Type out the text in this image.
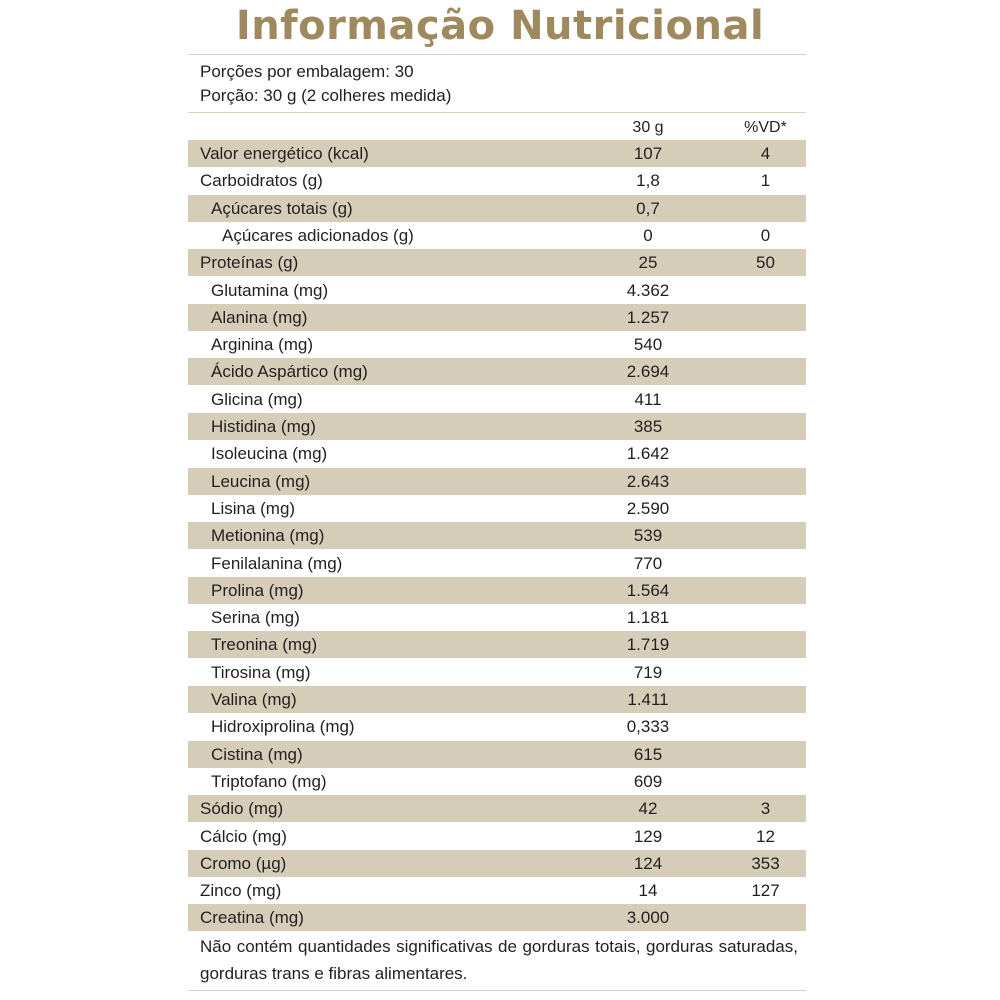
Informação Nutricional
Porções por embalagem: 30
Porção: 30 g (2 colheres medida)
30 g	%VD*
Valor energético (kcal)	107	4
Carboidratos (g)	1,8	1
Açúcares totais (g)	0,7
Açúcares adicionados (g)	0	0
Proteínas (g)	25	50
Glutamina (mg)	4.362
Alanina (mg)	1.257
Arginina (mg)	540
Ácido Aspártico (mg)	2.694
Glicina (mg)	411
Histidina (mg)	385
Isoleucina (mg)	1.642
Leucina (mg)	2.643
Lisina (mg)	2.590
Metionina (mg)	539
Fenilalanina (mg)	770
Prolina (mg)	1.564
Serina (mg)	1.181
Treonina (mg)	1.719
Tirosina (mg)	719
Valina (mg)	1.411
Hidroxiprolina (mg)	0,333
Cistina (mg)	615
Triptofano (mg)	609
Sódio (mg)	42	3
Cálcio (mg)	129	12
Cromo (µg)	124	353
Zinco (mg)	14	127
Creatina (mg)	3.000
Não contém quantidades significativas de gorduras totais, gorduras saturadas, gorduras trans e fibras alimentares.
